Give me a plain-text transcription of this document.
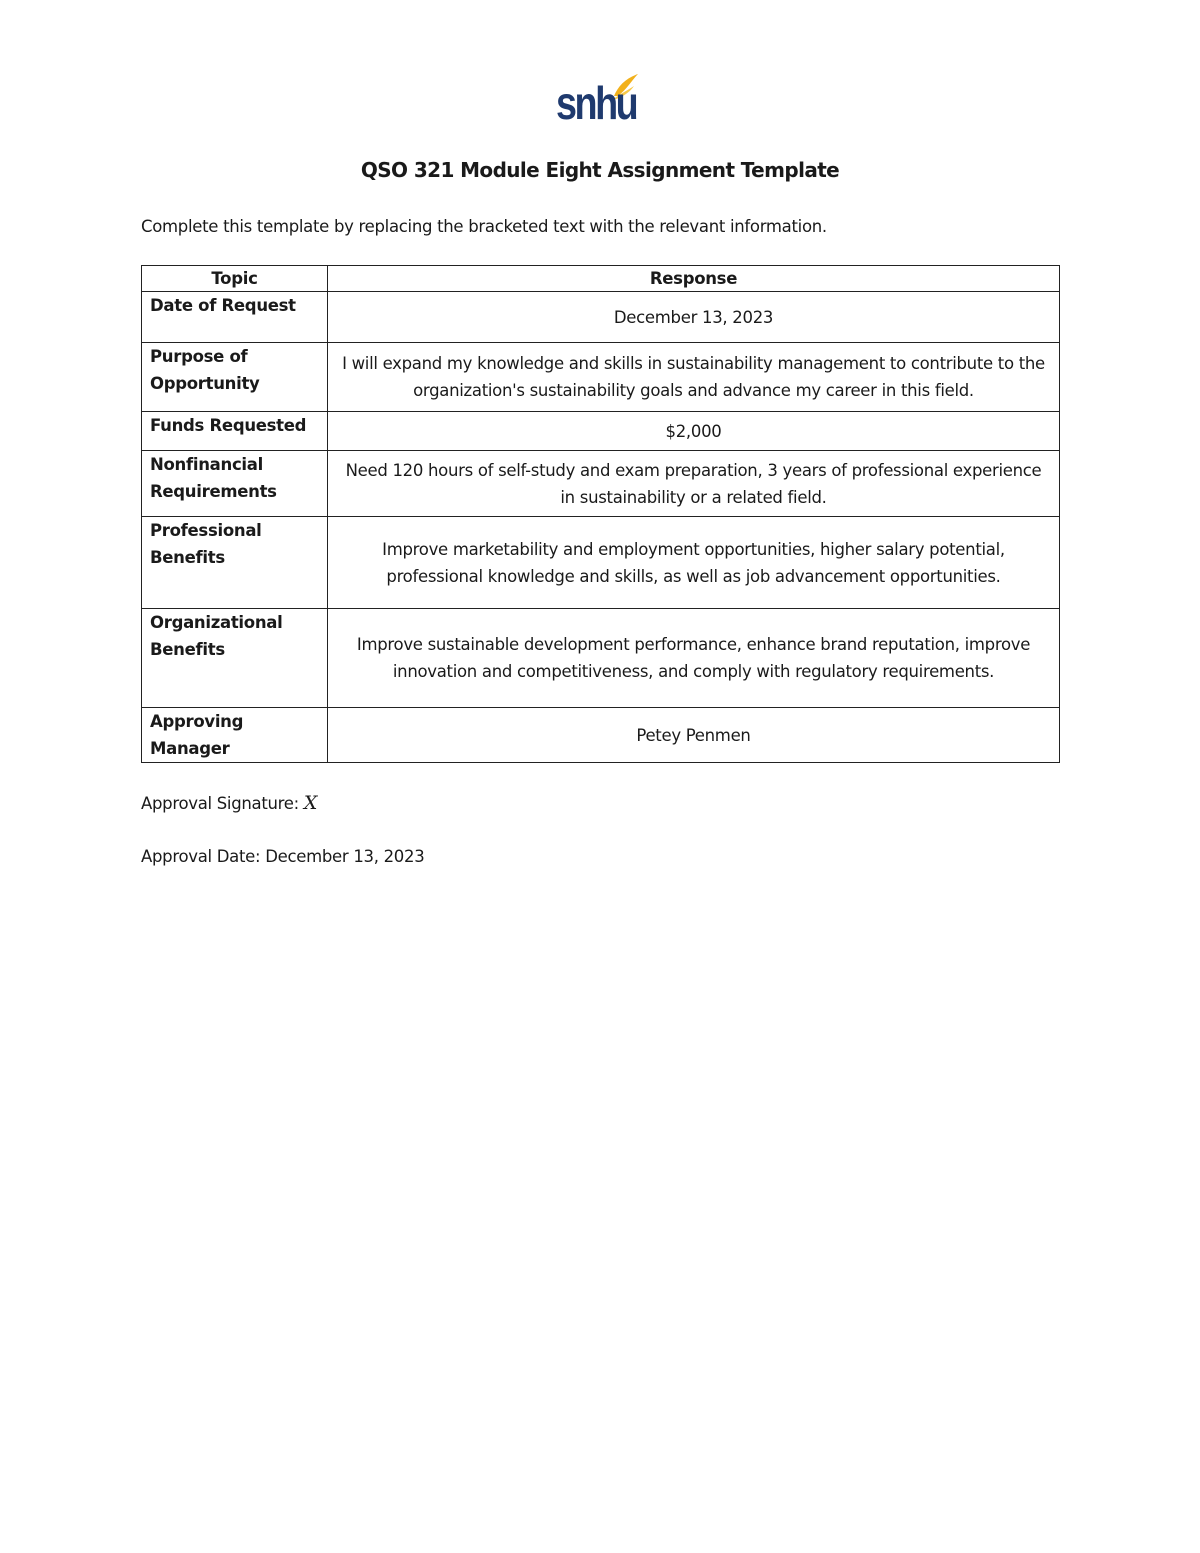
snhu
QSO 321 Module Eight Assignment Template
Complete this template by replacing the bracketed text with the relevant information.
Topic	Response
Date of Request	December 13, 2023
Purpose of Opportunity	I will expand my knowledge and skills in sustainability management to contribute to the organization's sustainability goals and advance my career in this field.
Funds Requested	$2,000
Nonfinancial Requirements	Need 120 hours of self-study and exam preparation, 3 years of professional experience in sustainability or a related field.
Professional Benefits	Improve marketability and employment opportunities, higher salary potential, professional knowledge and skills, as well as job advancement opportunities.
Organizational Benefits	Improve sustainable development performance, enhance brand reputation, improve innovation and competitiveness, and comply with regulatory requirements.
Approving Manager	Petey Penmen
Approval Signature: X
Approval Date: December 13, 2023
